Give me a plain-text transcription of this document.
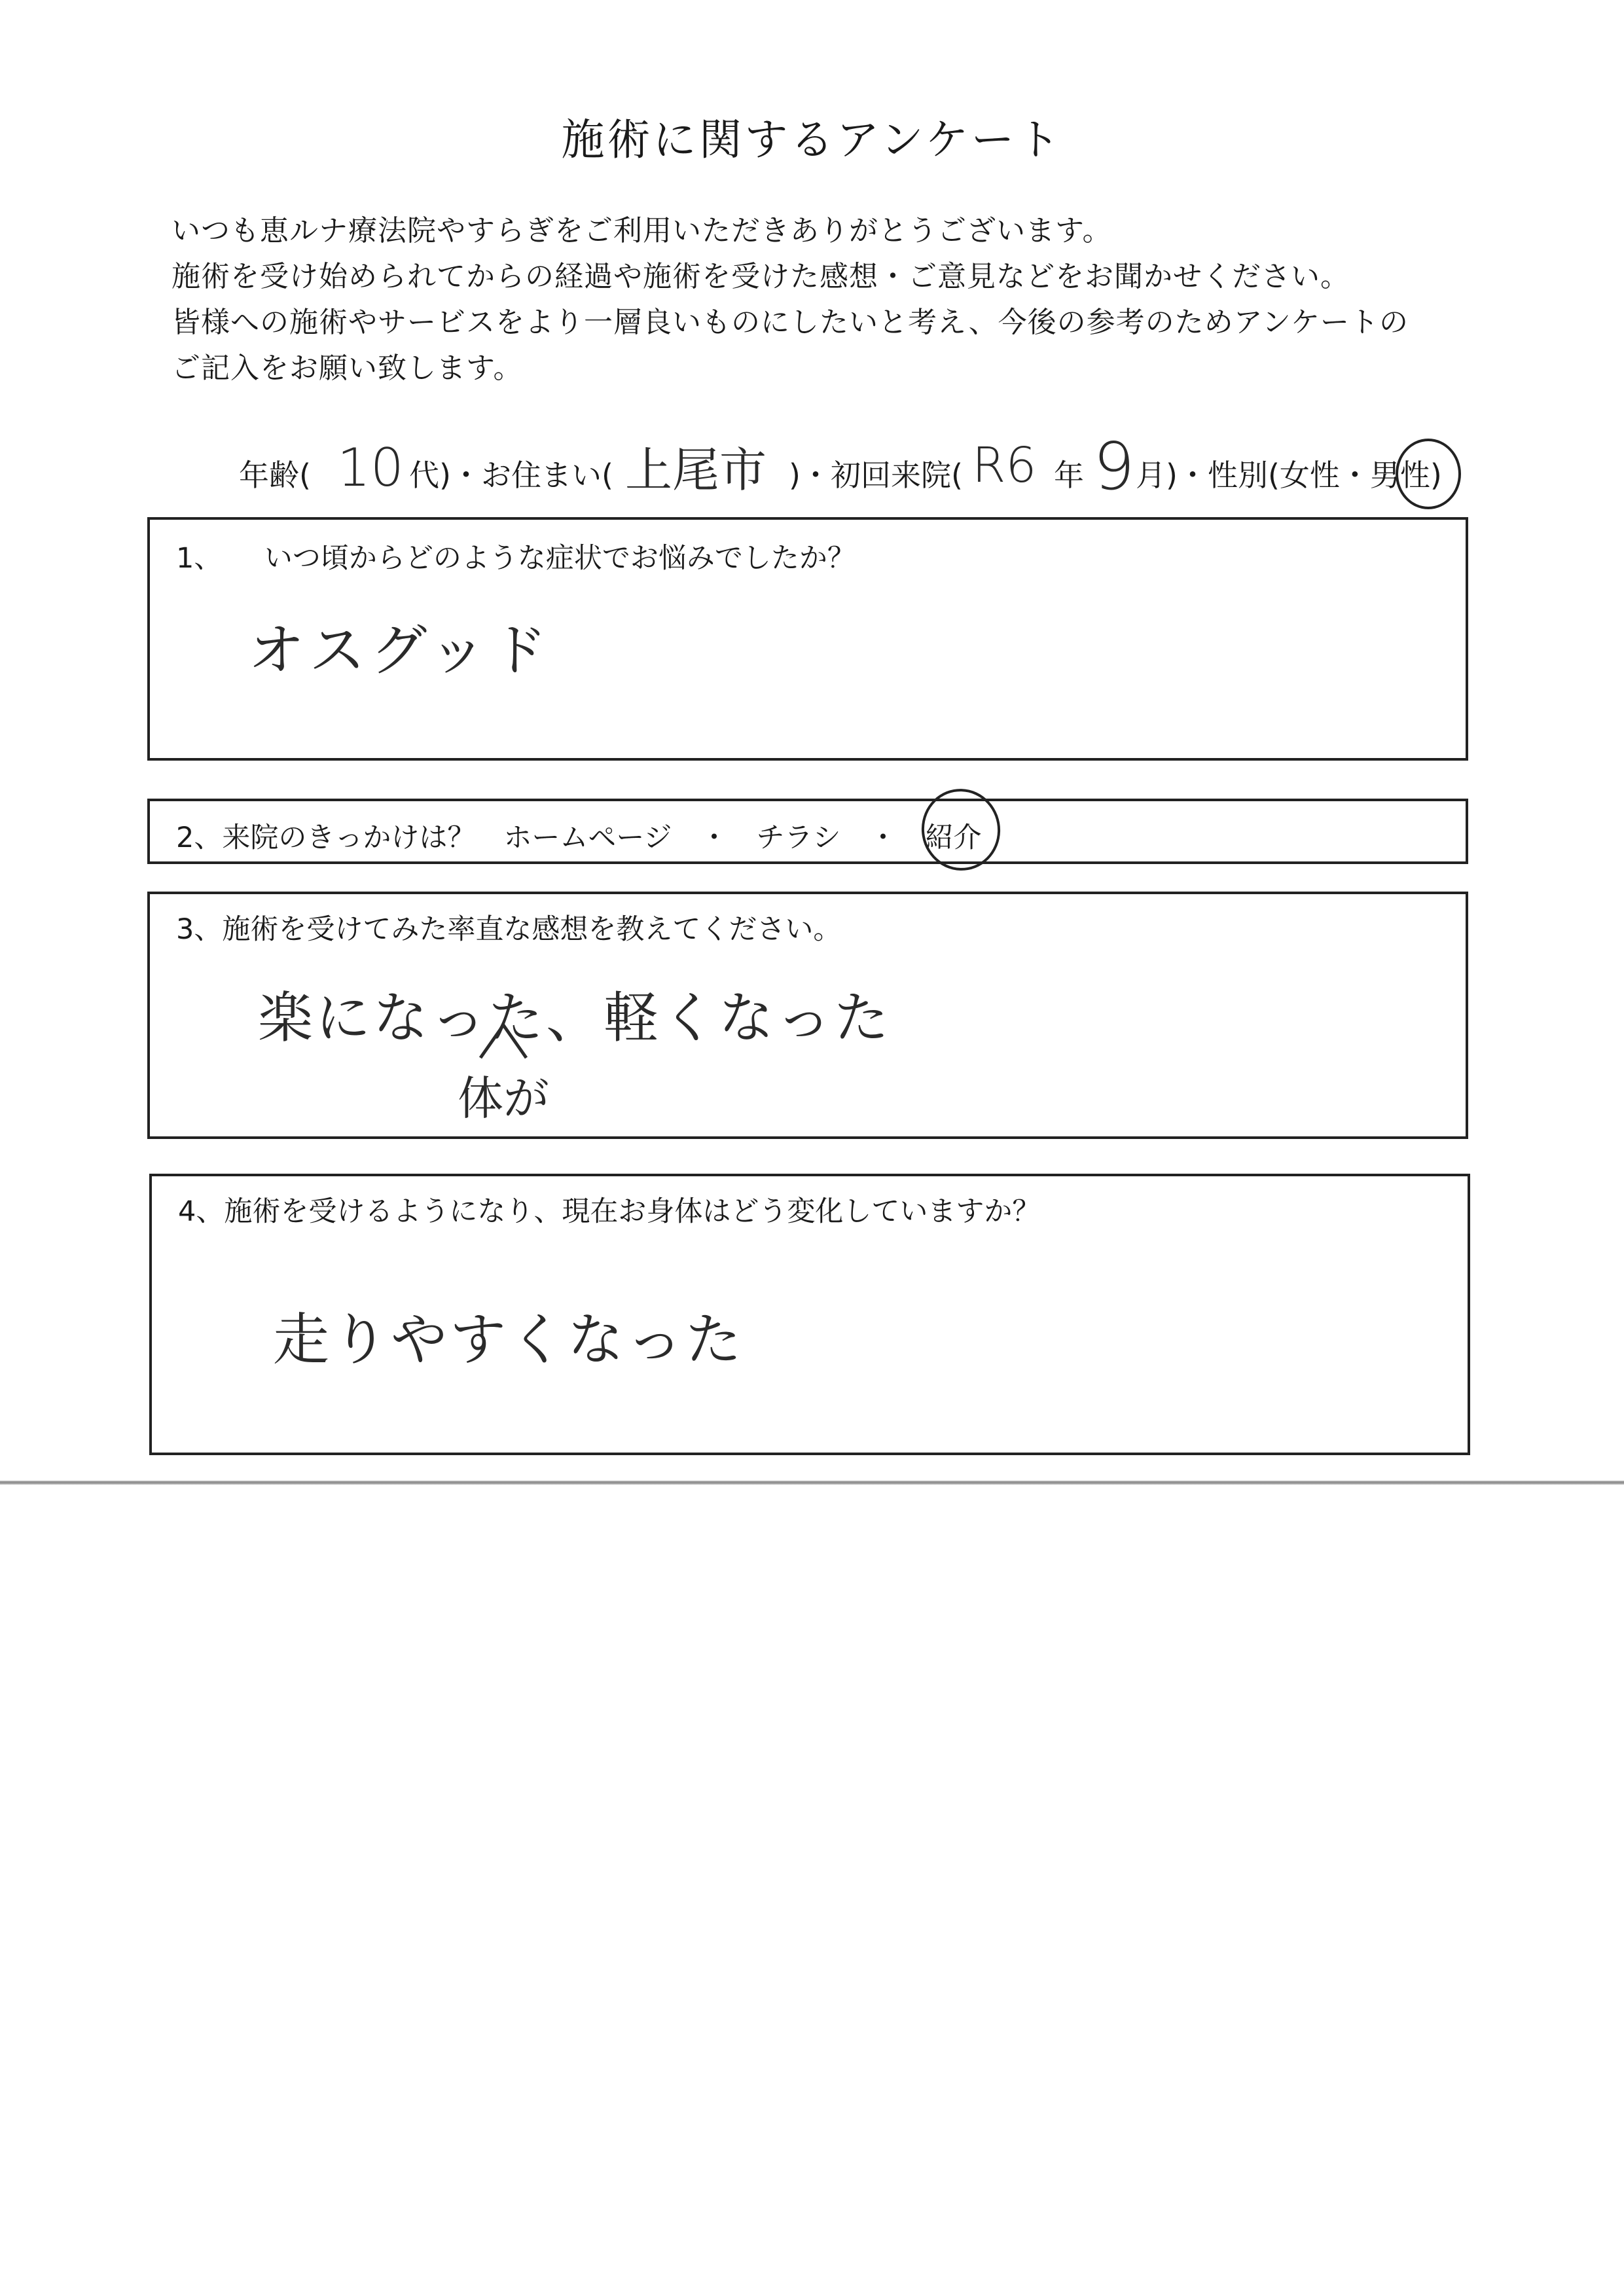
施術に関するアンケート

いつも恵ルナ療法院やすらぎをご利用いただきありがとうございます。

施術を受け始められてからの経過や施術を受けた感想・ご意見などをお聞かせください。

皆様への施術やサービスをより一層良いものにしたいと考え、今後の参考のためアンケートの

ご記入をお願い致します。

年齢( 10 代)・お住まい( 上尾市 )・初回来院( R6 年 9 月)・性別(女性・男性)
1、　　いつ頃からどのような症状でお悩みでしたか？
オスグッド
2、来院のきっかけは？　ホームページ　・　チラシ　・　紹介
3、施術を受けてみた率直な感想を教えてください。
楽になった、軽くなった
体が
4、施術を受けるようになり、現在お身体はどう変化していますか？
走りやすくなった
